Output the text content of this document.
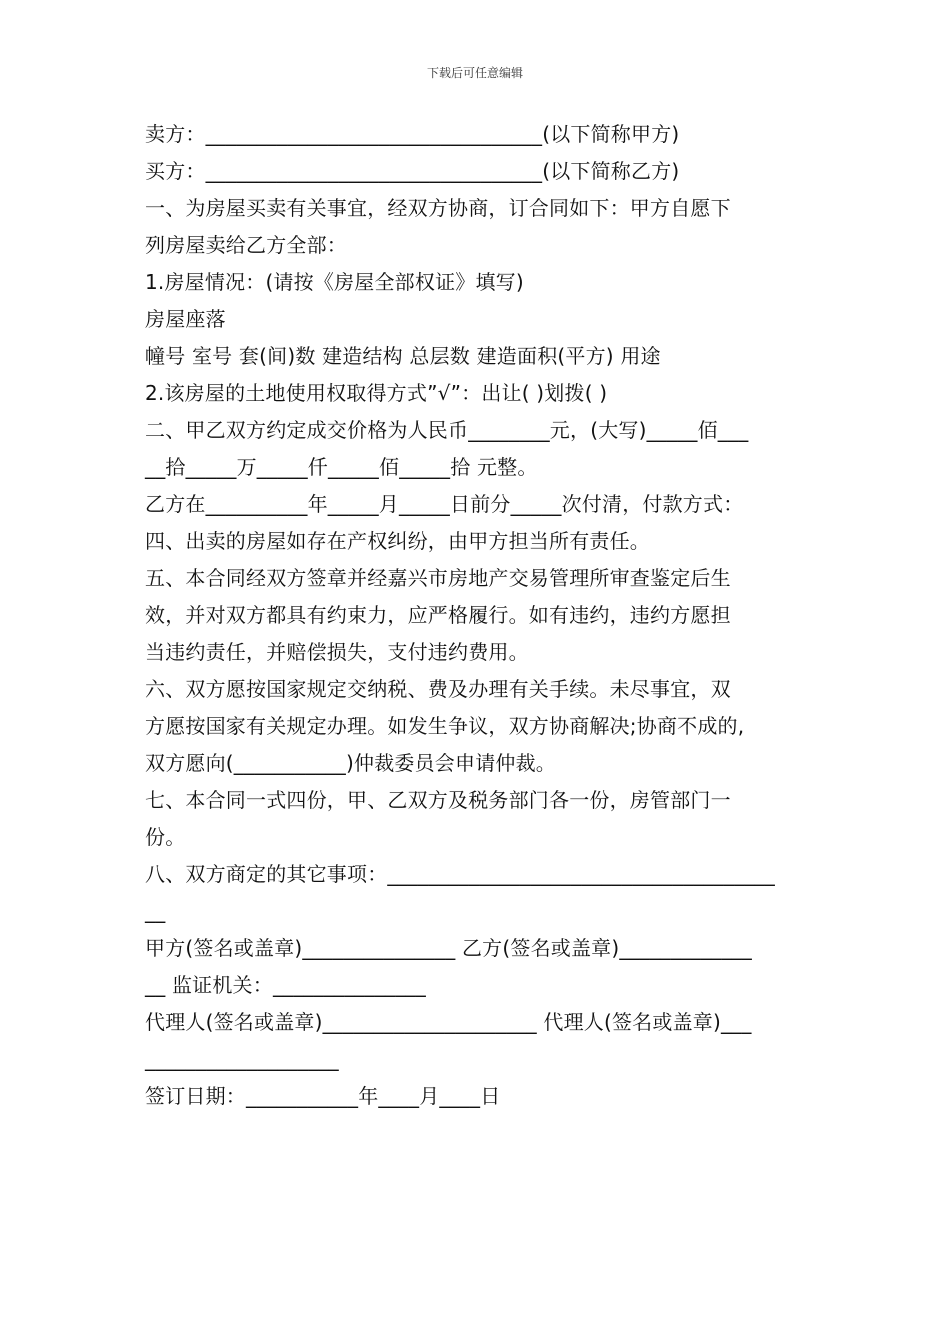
下载后可任意编辑
卖方：_________________________________(以下简称甲方)
买方：_________________________________(以下简称乙方)
一、为房屋买卖有关事宜，经双方协商，订合同如下：甲方自愿下
列房屋卖给乙方全部：
1.房屋情况：(请按《房屋全部权证》填写)
房屋座落
幢号 室号 套(间)数 建造结构 总层数 建造面积(平方) 用途
2.该房屋的土地使用权取得方式”√”：出让( )划拨( )
二、甲乙双方约定成交价格为人民币________元，(大写)_____佰___
__拾_____万_____仟_____佰_____拾 元整。
乙方在__________年_____月_____日前分_____次付清，付款方式：
四、出卖的房屋如存在产权纠纷，由甲方担当所有责任。
五、本合同经双方签章并经嘉兴市房地产交易管理所审查鉴定后生
效，并对双方都具有约束力，应严格履行。如有违约，违约方愿担
当违约责任，并赔偿损失，支付违约费用。
六、双方愿按国家规定交纳税、费及办理有关手续。未尽事宜，双
方愿按国家有关规定办理。如发生争议，双方协商解决;协商不成的,
双方愿向(___________)仲裁委员会申请仲裁。
七、本合同一式四份，甲、乙双方及税务部门各一份，房管部门一
份。
八、双方商定的其它事项：______________________________________
__
甲方(签名或盖章)_______________ 乙方(签名或盖章)_____________
__ 监证机关：_______________
代理人(签名或盖章)_____________________ 代理人(签名或盖章)___
___________________
签订日期：___________年____月____日
